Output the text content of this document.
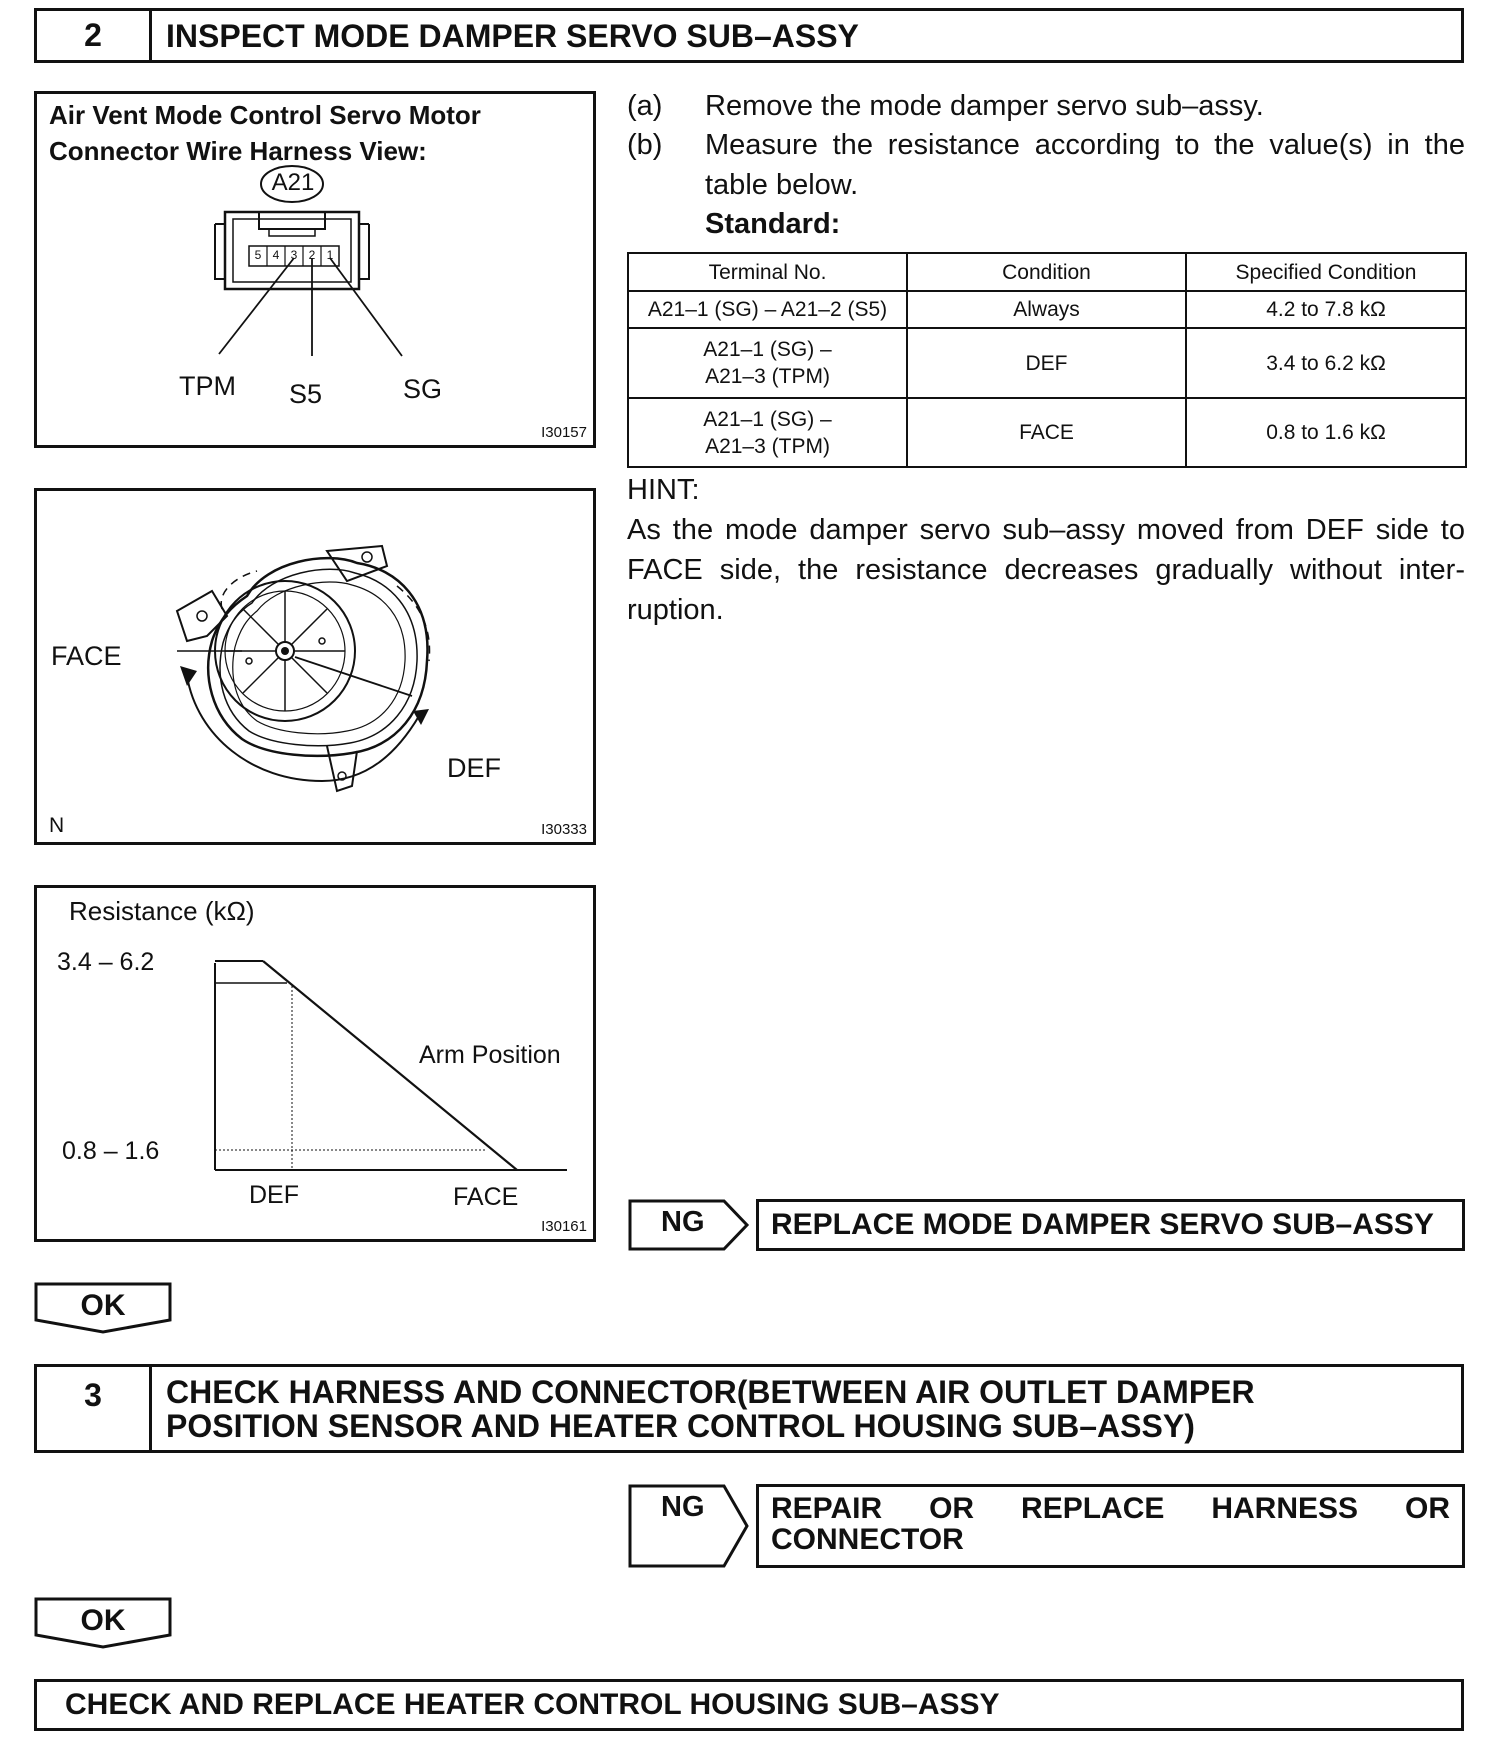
2	INSPECT MODE DAMPER SERVO SUB–ASSY
Air Vent Mode Control Servo Motor
Connector Wire Harness View:
A21
5 4 3 2 1
TPM S5	SG
I30157
FACE
DEF
N	I30333
Resistance (kΩ)
3.4 – 6.2
0.8 – 1.6
DEF	FACE
Arm Position
I30161
(a) Remove the mode damper servo sub–assy.
(b) Measure the resistance according to the value(s) in the
table below.
Standard:
Terminal No.	Condition	Specified Condition
A21–1 (SG) – A21–2 (S5)	Always	4.2 to 7.8 kΩ

A21–1 (SG) –
A21–3 (TPM)	DEF	3.4 to 6.2 kΩ

A21–1 (SG) –
A21–3 (TPM)	FACE	0.8 to 1.6 kΩ
HINT:
As the mode damper servo sub–assy moved from DEF side to
FACE side, the resistance decreases gradually without inter-
ruption.
NG REPLACE MODE DAMPER SERVO SUB–ASSY
OK
3	CHECK HARNESS AND CONNECTOR(BETWEEN AIR OUTLET DAMPER
POSITION SENSOR AND HEATER CONTROL HOUSING SUB–ASSY)
NG REPAIR OR REPLACE HARNESS OR
CONNECTOR
OK
CHECK AND REPLACE HEATER CONTROL HOUSING SUB–ASSY
